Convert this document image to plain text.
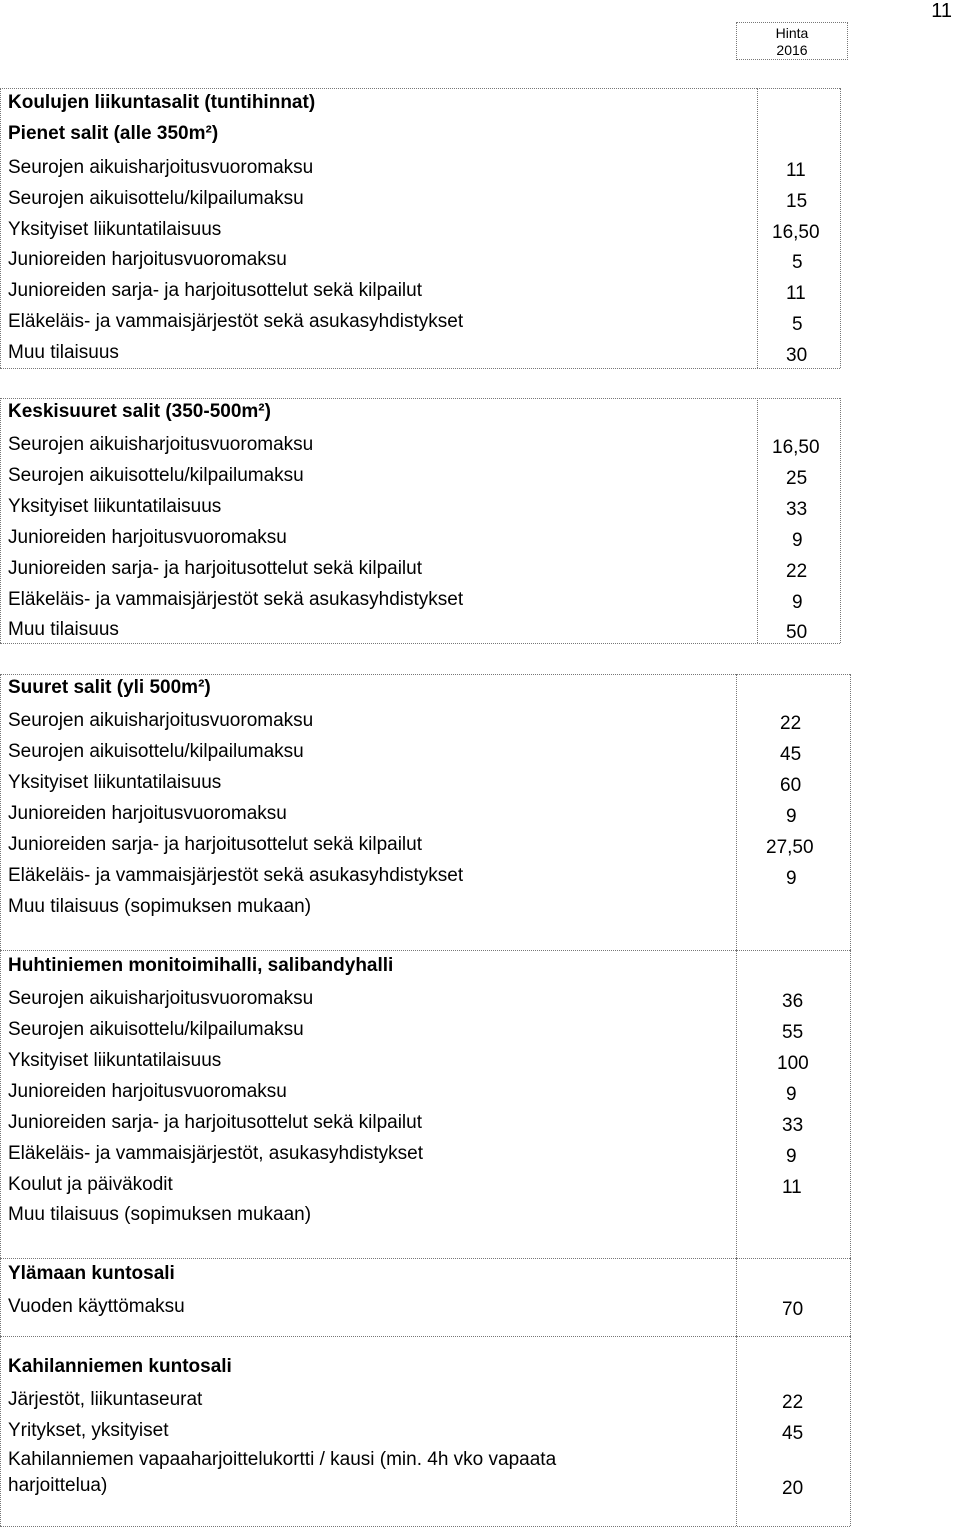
11
Hinta
2016
Koulujen liikuntasalit (tuntihinnat)
Pienet salit (alle 350m²)
Seurojen aikuisharjoitusvuoromaksu	11
Seurojen aikuisottelu/kilpailumaksu	15
Yksityiset liikuntatilaisuus	16,50
Junioreiden harjoitusvuoromaksu	5
Junioreiden sarja- ja harjoitusottelut sekä kilpailut	11
Eläkeläis- ja vammaisjärjestöt sekä asukasyhdistykset	5
Muu tilaisuus	30
Keskisuuret salit (350-500m²)
Seurojen aikuisharjoitusvuoromaksu	16,50
Seurojen aikuisottelu/kilpailumaksu	25
Yksityiset liikuntatilaisuus	33
Junioreiden harjoitusvuoromaksu	9
Junioreiden sarja- ja harjoitusottelut sekä kilpailut	22
Eläkeläis- ja vammaisjärjestöt sekä asukasyhdistykset	9
Muu tilaisuus	50
Suuret salit (yli 500m²)
Seurojen aikuisharjoitusvuoromaksu	22
Seurojen aikuisottelu/kilpailumaksu	45
Yksityiset liikuntatilaisuus	60
Junioreiden harjoitusvuoromaksu	9
Junioreiden sarja- ja harjoitusottelut sekä kilpailut	27,50
Eläkeläis- ja vammaisjärjestöt sekä asukasyhdistykset	9
Muu tilaisuus (sopimuksen mukaan)
Huhtiniemen monitoimihalli, salibandyhalli
Seurojen aikuisharjoitusvuoromaksu	36
Seurojen aikuisottelu/kilpailumaksu	55
Yksityiset liikuntatilaisuus	100
Junioreiden harjoitusvuoromaksu	9
Junioreiden sarja- ja harjoitusottelut sekä kilpailut	33
Eläkeläis- ja vammaisjärjestöt, asukasyhdistykset	9
Koulut ja päiväkodit	11
Muu tilaisuus (sopimuksen mukaan)
Ylämaan kuntosali
Vuoden käyttömaksu	70
Kahilanniemen kuntosali
Järjestöt, liikuntaseurat	22
Yritykset, yksityiset	45
Kahilanniemen vapaaharjoittelukortti / kausi (min. 4h vko vapaata
harjoittelua)	20
